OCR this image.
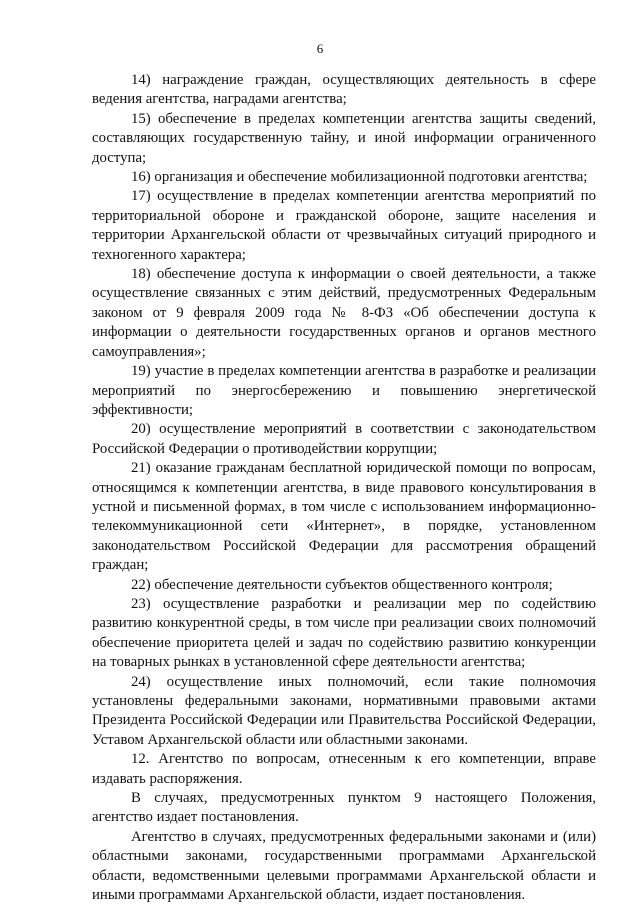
6

14) награждение граждан, осуществляющих деятельность в сфере ведения агентства, наградами агентства;

15) обеспечение в пределах компетенции агентства защиты сведений, составляющих государственную тайну, и иной информации ограниченного доступа;

16) организация и обеспечение мобилизационной подготовки агентства;

17) осуществление в пределах компетенции агентства мероприятий по территориальной обороне и гражданской обороне, защите населения и территории Архангельской области от чрезвычайных ситуаций природного и техногенного характера;

18) обеспечение доступа к информации о своей деятельности, а также осуществление связанных с этим действий, предусмотренных Федеральным законом от 9 февраля 2009 года № 8-ФЗ «Об обеспечении доступа к информации о деятельности государственных органов и органов местного самоуправления»;

19) участие в пределах компетенции агентства в разработке и реализации мероприятий по энергосбережению и повышению энергетической эффективности;

20) осуществление мероприятий в соответствии с законодательством Российской Федерации о противодействии коррупции;

21) оказание гражданам бесплатной юридической помощи по вопросам, относящимся к компетенции агентства, в виде правового консультирования в устной и письменной формах, в том числе с использованием информационно-телекоммуникационной сети «Интернет», в порядке, установленном законодательством Российской Федерации для рассмотрения обращений граждан;

22) обеспечение деятельности субъектов общественного контроля;

23) осуществление разработки и реализации мер по содействию развитию конкурентной среды, в том числе при реализации своих полномочий обеспечение приоритета целей и задач по содействию развитию конкуренции на товарных рынках в установленной сфере деятельности агентства;

24) осуществление иных полномочий, если такие полномочия установлены федеральными законами, нормативными правовыми актами Президента Российской Федерации или Правительства Российской Федерации, Уставом Архангельской области или областными законами.

12. Агентство по вопросам, отнесенным к его компетенции, вправе издавать распоряжения.

В случаях, предусмотренных пунктом 9 настоящего Положения, агентство издает постановления.

Агентство в случаях, предусмотренных федеральными законами и (или) областными законами, государственными программами Архангельской области, ведомственными целевыми программами Архангельской области и иными программами Архангельской области, издает постановления.
